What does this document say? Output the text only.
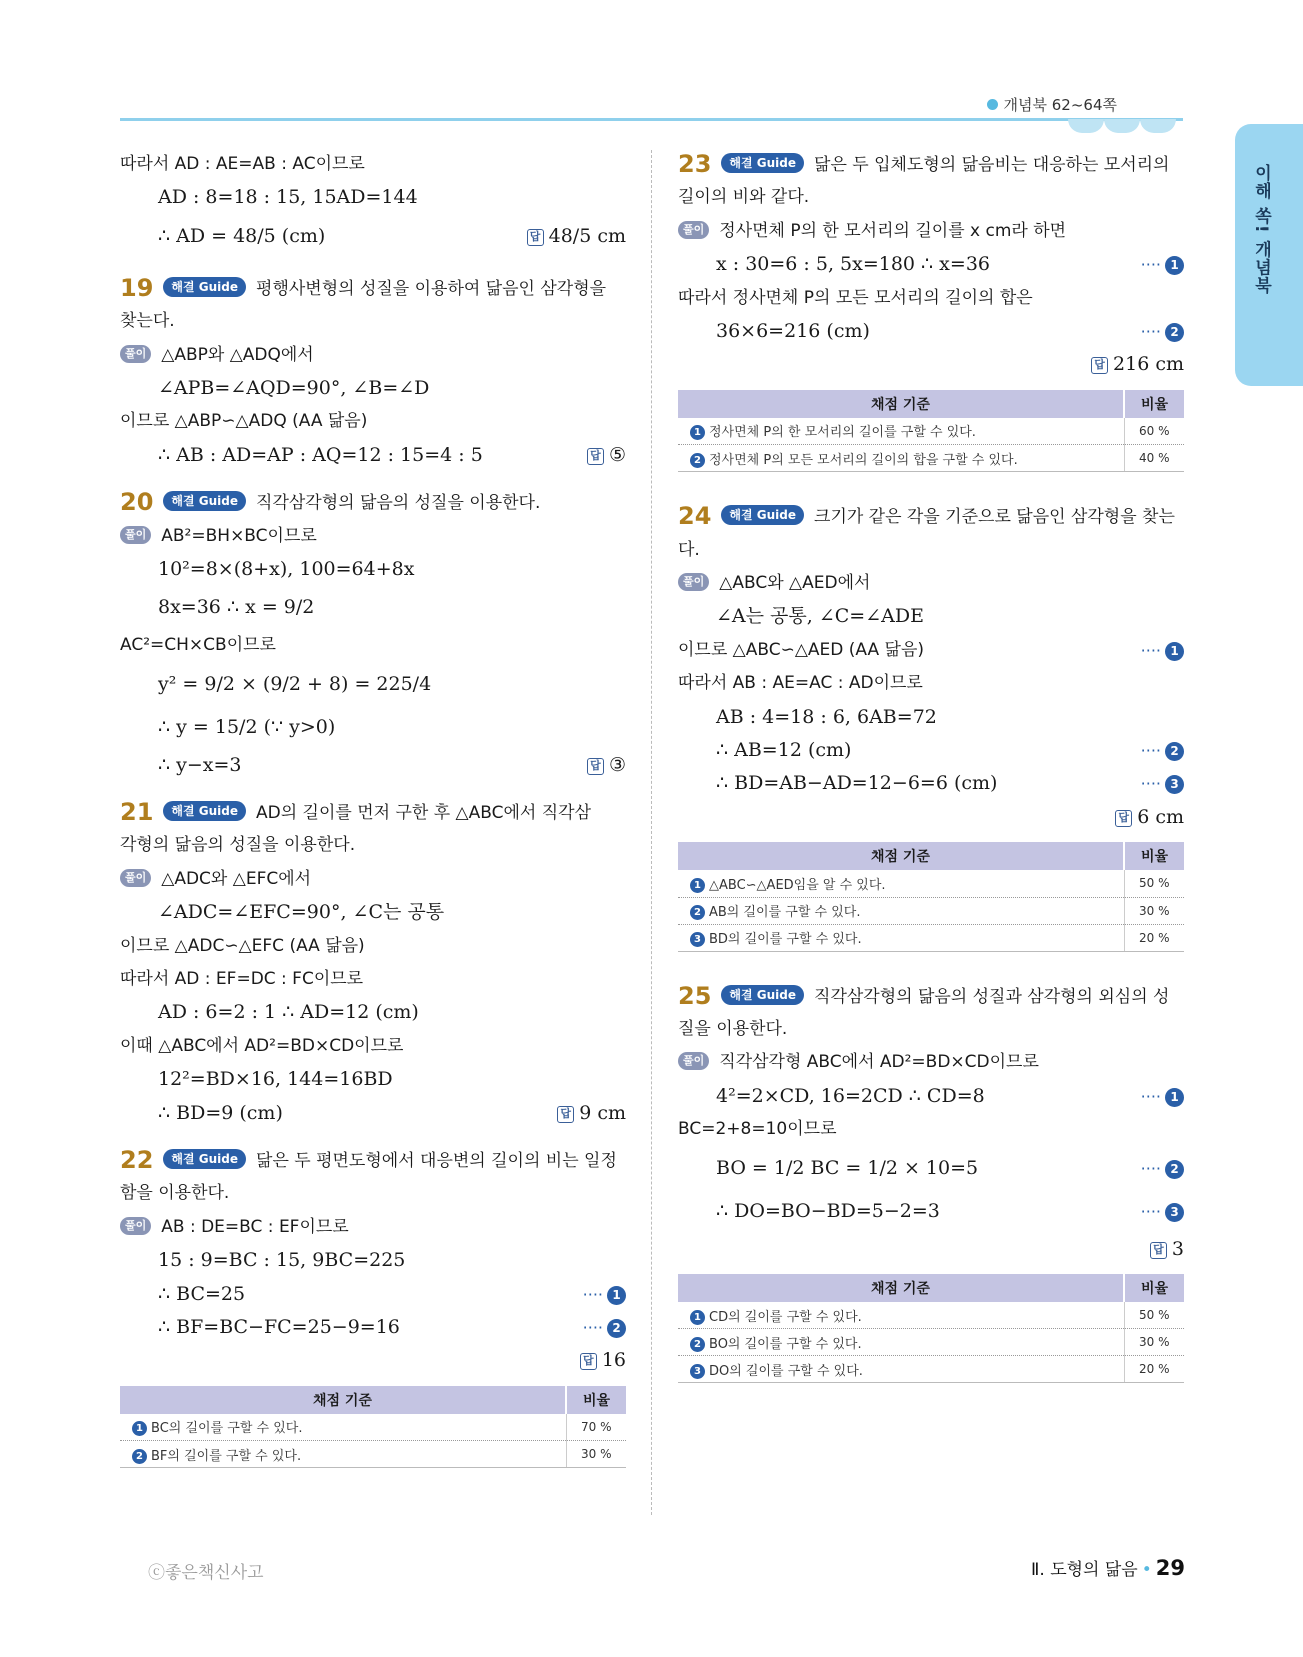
개념북 62~64쪽
이해 쏙! 개념북
따라서 AD : AE=AB : AC이므로
AD : 8=18 : 15, 15AD=144
∴ AD = 48/5 (cm)	답 48/5 cm
19 해결 Guide 평행사변형의 성질을 이용하여 닮음인 삼각형을
찾는다.
풀이 △ABP와 △ADQ에서
∠APB=∠AQD=90°, ∠B=∠D
이므로 △ABP∽△ADQ (AA 닮음)
∴ AB : AD=AP : AQ=12 : 15=4 : 5	답 ⑤
20 해결 Guide 직각삼각형의 닮음의 성질을 이용한다.
풀이 AB²=BH×BC이므로
10²=8×(8+x), 100=64+8x
8x=36 ∴ x = 9/2
AC²=CH×CB이므로
y² = 9/2 × (9/2 + 8) = 225/4
∴ y = 15/2 (∵ y>0)
∴ y−x=3	답 ③
21 해결 Guide AD의 길이를 먼저 구한 후 △ABC에서 직각삼
각형의 닮음의 성질을 이용한다.
풀이 △ADC와 △EFC에서
∠ADC=∠EFC=90°, ∠C는 공통
이므로 △ADC∽△EFC (AA 닮음)
따라서 AD : EF=DC : FC이므로
AD : 6=2 : 1 ∴ AD=12 (cm)
이때 △ABC에서 AD²=BD×CD이므로
12²=BD×16, 144=16BD
∴ BD=9 (cm)	답 9 cm
22 해결 Guide 닮은 두 평면도형에서 대응변의 길이의 비는 일정
함을 이용한다.
풀이 AB : DE=BC : EF이므로
15 : 9=BC : 15, 9BC=225
∴ BC=25	···· 1
∴ BF=BC−FC=25−9=16	···· 2
답 16
채점 기준	비율
1 BC의 길이를 구할 수 있다.	70 %
2 BF의 길이를 구할 수 있다.	30 %
23 해결 Guide 닮은 두 입체도형의 닮음비는 대응하는 모서리의
길이의 비와 같다.
풀이 정사면체 P의 한 모서리의 길이를 x cm라 하면
x : 30=6 : 5, 5x=180 ∴ x=36	···· 1
따라서 정사면체 P의 모든 모서리의 길이의 합은
36×6=216 (cm)	···· 2
답 216 cm
채점 기준	비율
1 정사면체 P의 한 모서리의 길이를 구할 수 있다.	60 %
2 정사면체 P의 모든 모서리의 길이의 합을 구할 수 있다.	40 %
24 해결 Guide 크기가 같은 각을 기준으로 닮음인 삼각형을 찾는
다.
풀이 △ABC와 △AED에서
∠A는 공통, ∠C=∠ADE
이므로 △ABC∽△AED (AA 닮음)	···· 1
따라서 AB : AE=AC : AD이므로
AB : 4=18 : 6, 6AB=72
∴ AB=12 (cm)	···· 2
∴ BD=AB−AD=12−6=6 (cm)	···· 3
답 6 cm
채점 기준	비율
1 △ABC∽△AED임을 알 수 있다.	50 %
2 AB의 길이를 구할 수 있다.	30 %
3 BD의 길이를 구할 수 있다.	20 %
25 해결 Guide 직각삼각형의 닮음의 성질과 삼각형의 외심의 성
질을 이용한다.
풀이 직각삼각형 ABC에서 AD²=BD×CD이므로
4²=2×CD, 16=2CD ∴ CD=8	···· 1
BC=2+8=10이므로
BO = 1/2 BC = 1/2 × 10=5	···· 2
∴ DO=BO−BD=5−2=3	···· 3
답 3
채점 기준	비율
1 CD의 길이를 구할 수 있다.	50 %
2 BO의 길이를 구할 수 있다.	30 %
3 DO의 길이를 구할 수 있다.	20 %
ⓒ좋은책신사고	Ⅱ. 도형의 닮음 • 29
